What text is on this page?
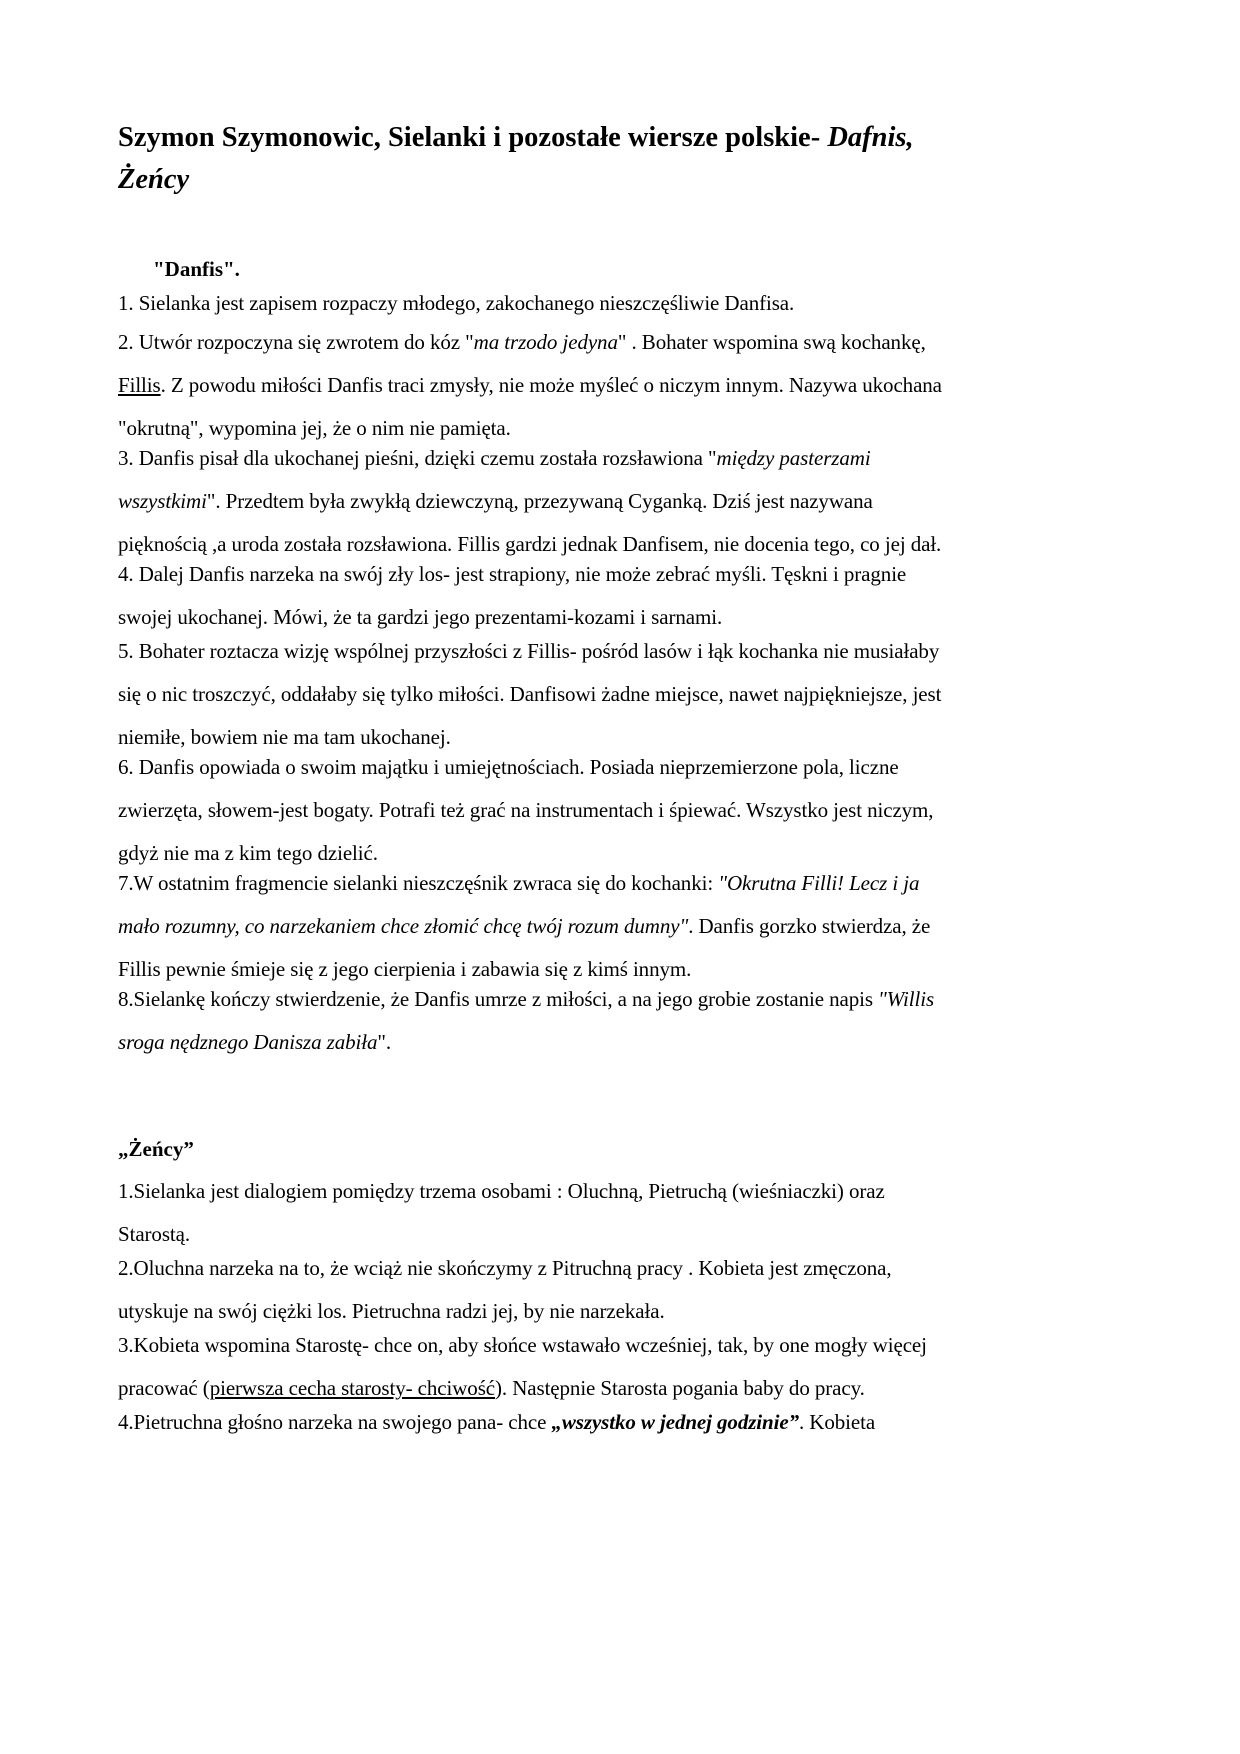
Szymon Szymonowic, Sielanki i pozostałe wiersze polskie- Dafnis,
Żeńcy
"Danfis".

1. Sielanka jest zapisem rozpaczy młodego, zakochanego nieszczęśliwie Danfisa.

2. Utwór rozpoczyna się zwrotem do kóz "ma trzodo jedyna" . Bohater wspomina swą kochankę,
Fillis. Z powodu miłości Danfis traci zmysły, nie może myśleć o niczym innym. Nazywa ukochana
"okrutną", wypomina jej, że o nim nie pamięta.

3. Danfis pisał dla ukochanej pieśni, dzięki czemu została rozsławiona "między pasterzami
wszystkimi". Przedtem była zwykłą dziewczyną, przezywaną Cyganką. Dziś jest nazywana
pięknością ,a uroda została rozsławiona. Fillis gardzi jednak Danfisem, nie docenia tego, co jej dał.

4. Dalej Danfis narzeka na swój zły los- jest strapiony, nie może zebrać myśli. Tęskni i pragnie
swojej ukochanej. Mówi, że ta gardzi jego prezentami-kozami i sarnami.

5. Bohater roztacza wizję wspólnej przyszłości z Fillis- pośród lasów i łąk kochanka nie musiałaby
się o nic troszczyć, oddałaby się tylko miłości. Danfisowi żadne miejsce, nawet najpiękniejsze, jest
niemiłe, bowiem nie ma tam ukochanej.

6. Danfis opowiada o swoim majątku i umiejętnościach. Posiada nieprzemierzone pola, liczne
zwierzęta, słowem-jest bogaty. Potrafi też grać na instrumentach i śpiewać. Wszystko jest niczym,
gdyż nie ma z kim tego dzielić.

7.W ostatnim fragmencie sielanki nieszczęśnik zwraca się do kochanki: "Okrutna Filli! Lecz i ja
mało rozumny, co narzekaniem chce złomić chcę twój rozum dumny". Danfis gorzko stwierdza, że
Fillis pewnie śmieje się z jego cierpienia i zabawia się z kimś innym.

8.Sielankę kończy stwierdzenie, że Danfis umrze z miłości, a na jego grobie zostanie napis "Willis
sroga nędznego Danisza zabiła".

„Żeńcy”

1.Sielanka jest dialogiem pomiędzy trzema osobami : Oluchną, Pietruchą (wieśniaczki) oraz
Starostą.

2.Oluchna narzeka na to, że wciąż nie skończymy z Pitruchną pracy . Kobieta jest zmęczona,
utyskuje na swój ciężki los. Pietruchna radzi jej, by nie narzekała.

3.Kobieta wspomina Starostę- chce on, aby słońce wstawało wcześniej, tak, by one mogły więcej
pracować (pierwsza cecha starosty- chciwość). Następnie Starosta pogania baby do pracy.

4.Pietruchna głośno narzeka na swojego pana- chce „wszystko w jednej godzinie”. Kobieta
